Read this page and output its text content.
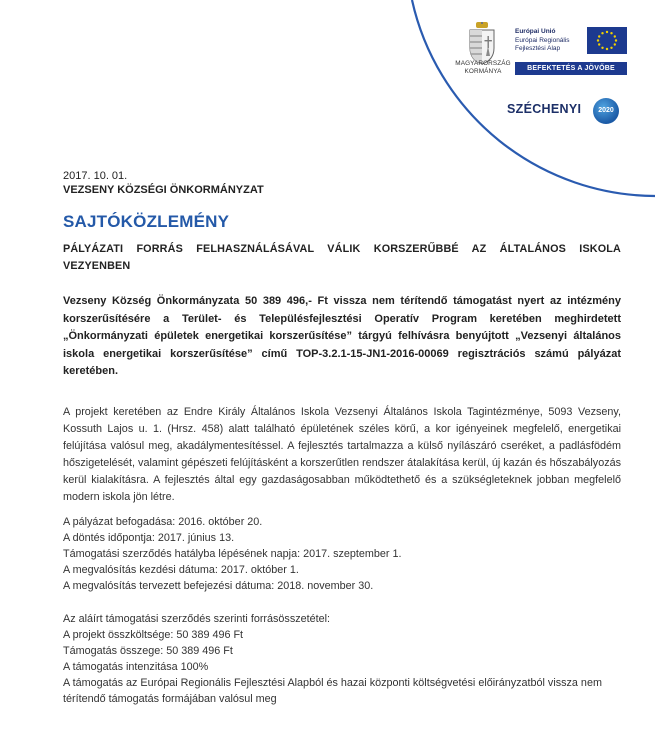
MAGYARORSZÁG
KORMÁNYA
Európai Unió
Európai Regionális
Fejlesztési Alap
BEFEKTETÉS A JÖVŐBE
SZÉCHENYI	2020
2017. 10. 01.
VEZSENY KÖZSÉGI ÖNKORMÁNYZAT
SAJTÓKÖZLEMÉNY
PÁLYÁZATI FORRÁS FELHASZNÁLÁSÁVAL VÁLIK KORSZERŰBBÉ AZ ÁLTALÁNOS ISKOLA VEZYENBEN
Vezseny Község Önkormányzata 50 389 496,- Ft vissza nem térítendő támogatást nyert az intézmény korszerűsítésére a Terület- és Településfejlesztési Operatív Program keretében meghirdetett „Önkormányzati épületek energetikai korszerűsítése” tárgyú felhívásra benyújtott „Vezsenyi általános iskola energetikai korszerűsítése” című TOP-3.2.1-15-JN1-2016-00069 regisztrációs számú pályázat keretében.
A projekt keretében az Endre Király Általános Iskola Vezsenyi Általános Iskola Tagintézménye, 5093 Vezseny, Kossuth Lajos u. 1. (Hrsz. 458) alatt található épületének széles körű, a kor igényeinek megfelelő, energetikai felújítása valósul meg, akadálymentesítéssel. A fejlesztés tartalmazza a külső nyílászáró cseréket, a padlásfödém hőszigetelését, valamint gépészeti felújításként a korszerűtlen rendszer átalakítása kerül, új kazán és hőszabályozás kerül kialakításra. A fejlesztés által egy gazdaságosabban működtethető és a szükségleteknek jobban megfelelő modern iskola jön létre.
A pályázat befogadása: 2016. október 20.
A döntés időpontja: 2017. június 13.
Támogatási szerződés hatályba lépésének napja: 2017. szeptember 1.
A megvalósítás kezdési dátuma: 2017. október 1.
A megvalósítás tervezett befejezési dátuma: 2018. november 30.
Az aláírt támogatási szerződés szerinti forrásösszetétel:
A projekt összköltsége: 50 389 496 Ft
Támogatás összege: 50 389 496 Ft
A támogatás intenzitása 100%
A támogatás az Európai Regionális Fejlesztési Alapból és hazai központi költségvetési előirányzatból vissza nem térítendő támogatás formájában valósul meg
